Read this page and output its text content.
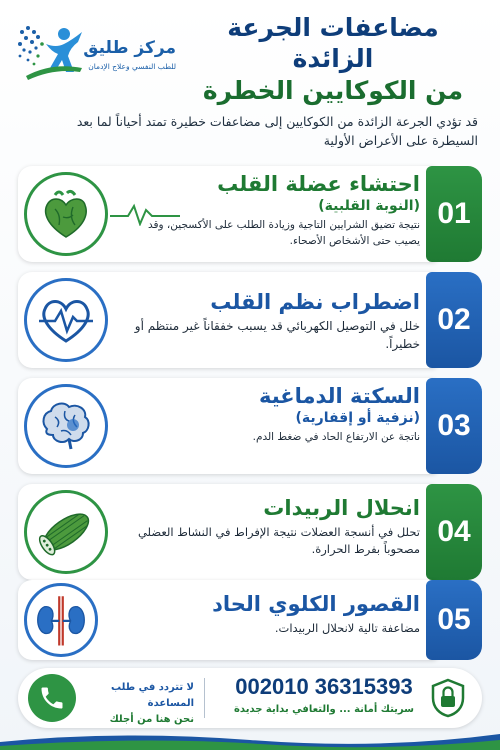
مركز طليق
للطب النفسي وعلاج الإدمان
مضاعفات الجرعة الزائدة
من الكوكايين الخطرة

قد تؤدي الجرعة الزائدة من الكوكايين إلى مضاعفات خطيرة تمتد أحياناً لما بعد السيطرة على الأعراض الأولية

01
احتشاء عضلة القلب
(النوبة القلبية)
نتيجة تضيق الشرايين التاجية وزيادة الطلب على الأكسجين، وقد يصيب حتى الأشخاص الأصحاء.
02
اضطراب نظم القلب
خلل في التوصيل الكهربائي قد يسبب خفقاناً غير منتظم أو خطيراً.
03
السكتة الدماغية
(نزفية أو إقفارية)
ناتجة عن الارتفاع الحاد في ضغط الدم.
04
انحلال الربيدات
تحلل في أنسجة العضلات نتيجة الإفراط في النشاط العضلي مصحوباً بفرط الحرارة.
05
القصور الكلوي الحاد
مضاعفة تالية لانحلال الربيدات.
لا تتردد في طلب المساعدة
نحن هنا من أجلك
002010 36315393
سريتك أمانة ... والتعافي بداية جديدة
